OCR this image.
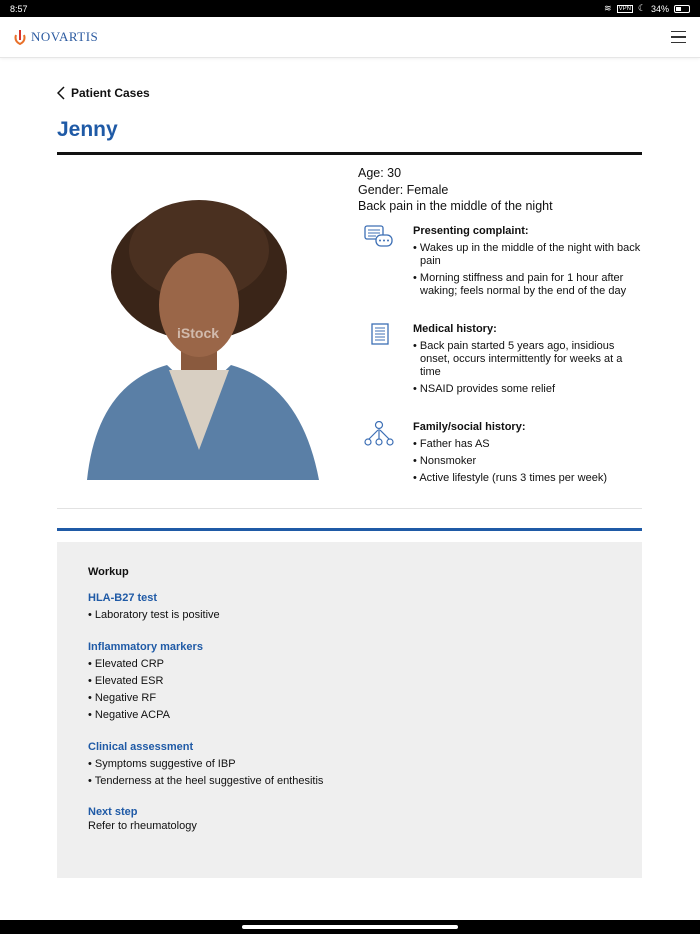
8:57	≋	VPN ☾ 34%
NOVARTIS
Patient Cases
Jenny
iStock
Age: 30
Gender: Female
Back pain in the middle of the night
Presenting complaint:
• Wakes up in the middle of the night with back pain
• Morning stiffness and pain for 1 hour after waking; feels normal by the end of the day
Medical history:
• Back pain started 5 years ago, insidious onset, occurs intermittently for weeks at a time
• NSAID provides some relief
Family/social history:
• Father has AS
• Nonsmoker
• Active lifestyle (runs 3 times per week)
Workup
HLA-B27 test

• Laboratory test is positive

Inflammatory markers

• Elevated CRP

• Elevated ESR

• Negative RF

• Negative ACPA

Clinical assessment

• Symptoms suggestive of IBP

• Tenderness at the heel suggestive of enthesitis

Next step

Refer to rheumatology
